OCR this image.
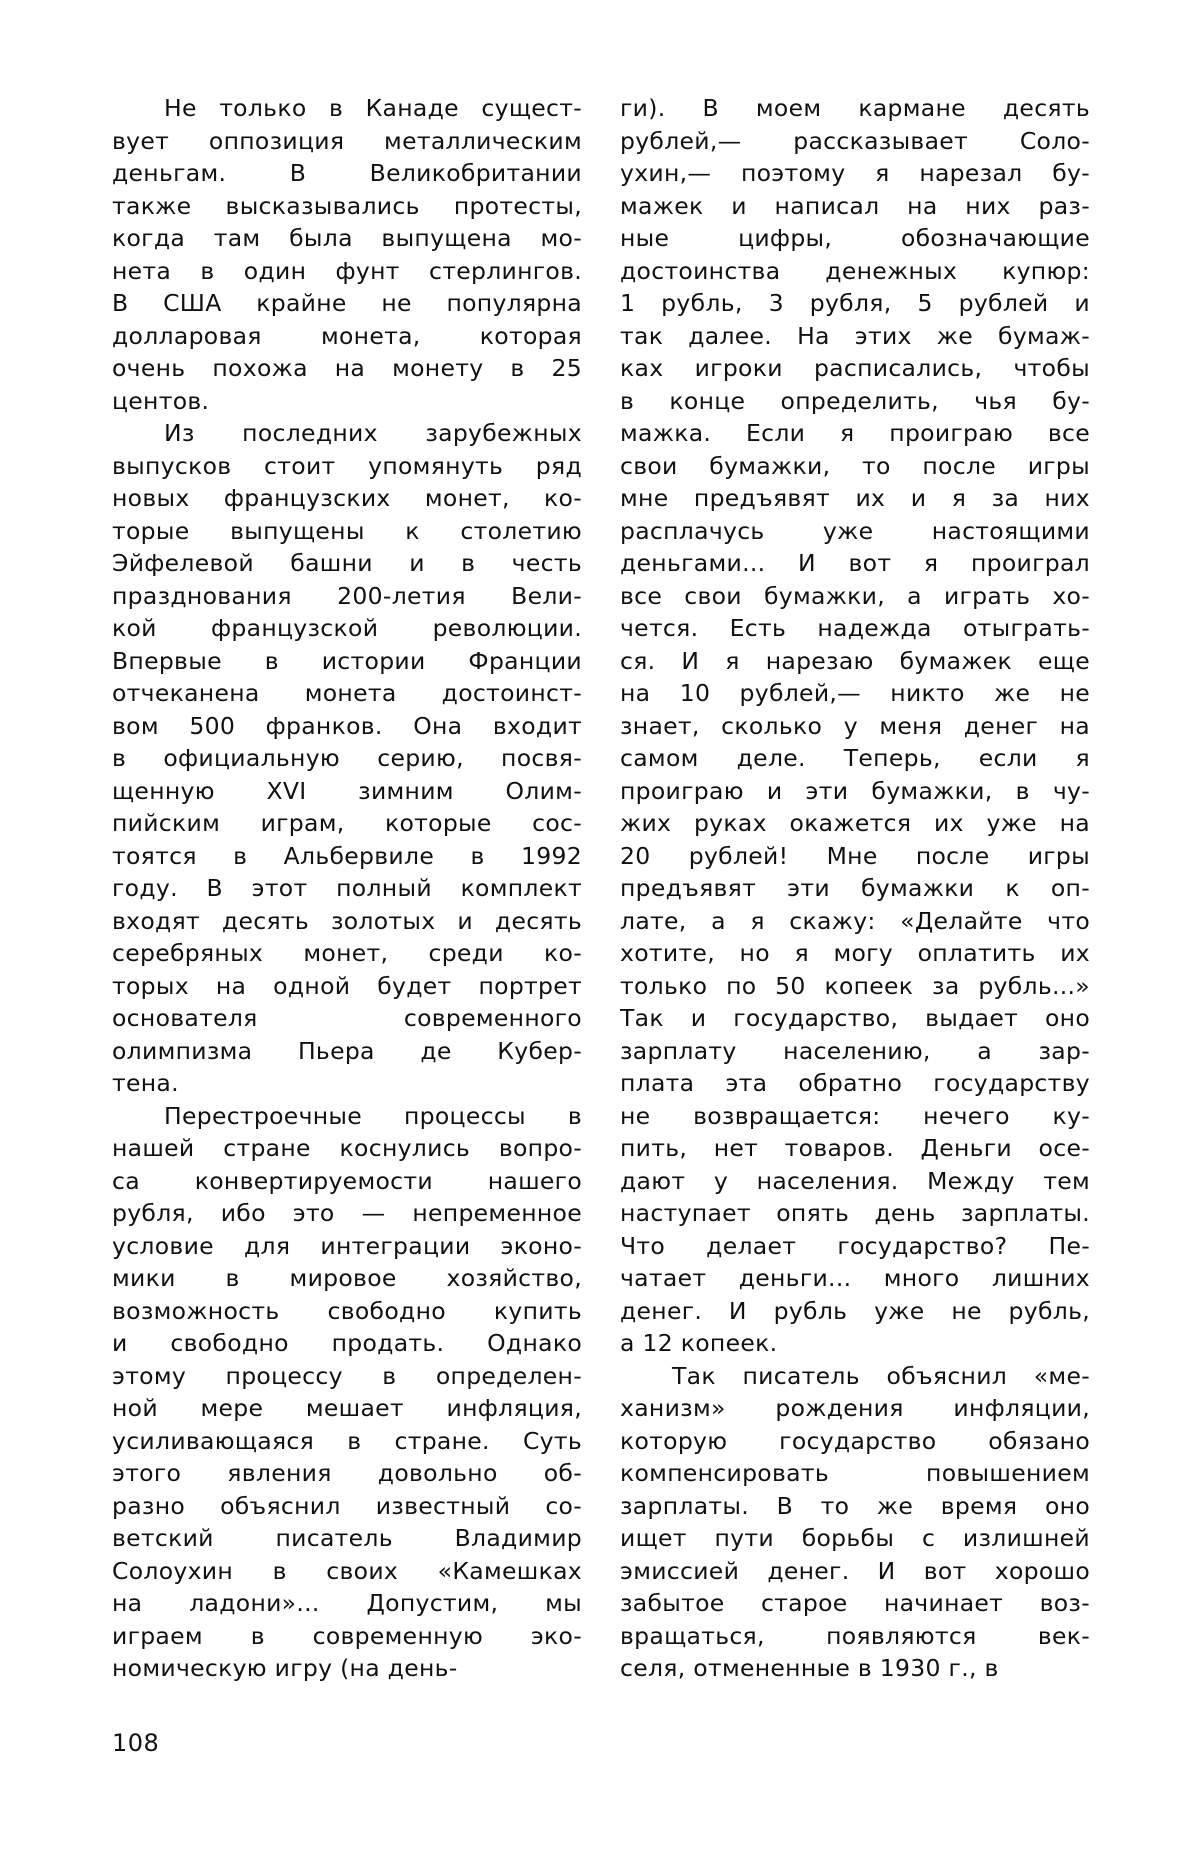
Не только в Канаде сущест-
вует оппозиция металлическим
деньгам. В Великобритании
также высказывались протесты,
когда там была выпущена мо-
нета в один фунт стерлингов.
В США крайне не популярна
долларовая монета, которая
очень похожа на монету в 25
центов.
Из последних зарубежных
выпусков стоит упомянуть ряд
новых французских монет, ко-
торые выпущены к столетию
Эйфелевой башни и в честь
празднования 200-летия Вели-
кой французской революции.
Впервые в истории Франции
отчеканена монета достоинст-
вом 500 франков. Она входит
в официальную серию, посвя-
щенную XVI зимним Олим-
пийским играм, которые сос-
тоятся в Альбервиле в 1992
году. В этот полный комплект
входят десять золотых и десять
серебряных монет, среди ко-
торых на одной будет портрет
основателя современного
олимпизма Пьера де Кубер-
тена.
Перестроечные процессы в
нашей стране коснулись вопро-
са конвертируемости нашего
рубля, ибо это — непременное
условие для интеграции эконо-
мики в мировое хозяйство,
возможность свободно купить
и свободно продать. Однако
этому процессу в определен-
ной мере мешает инфляция,
усиливающаяся в стране. Суть
этого явления довольно об-
разно объяснил известный со-
ветский писатель Владимир
Солоухин в своих «Камешках
на ладони»... Допустим, мы
играем в современную эко-
номическую игру (на день-
ги). В моем кармане десять
рублей,— рассказывает Соло-
ухин,— поэтому я нарезал бу-
мажек и написал на них раз-
ные цифры, обозначающие
достоинства денежных купюр:
1 рубль, 3 рубля, 5 рублей и
так далее. На этих же бумаж-
ках игроки расписались, чтобы
в конце определить, чья бу-
мажка. Если я проиграю все
свои бумажки, то после игры
мне предъявят их и я за них
расплачусь уже настоящими
деньгами... И вот я проиграл
все свои бумажки, а играть хо-
чется. Есть надежда отыграть-
ся. И я нарезаю бумажек еще
на 10 рублей,— никто же не
знает, сколько у меня денег на
самом деле. Теперь, если я
проиграю и эти бумажки, в чу-
жих руках окажется их уже на
20 рублей! Мне после игры
предъявят эти бумажки к оп-
лате, а я скажу: «Делайте что
хотите, но я могу оплатить их
только по 50 копеек за рубль...»
Так и государство, выдает оно
зарплату населению, а зар-
плата эта обратно государству
не возвращается: нечего ку-
пить, нет товаров. Деньги осе-
дают у населения. Между тем
наступает опять день зарплаты.
Что делает государство? Пе-
чатает деньги... много лишних
денег. И рубль уже не рубль,
а 12 копеек.
Так писатель объяснил «ме-
ханизм» рождения инфляции,
которую государство обязано
компенсировать повышением
зарплаты. В то же время оно
ищет пути борьбы с излишней
эмиссией денег. И вот хорошо
забытое старое начинает воз-
вращаться, появляются век-
селя, отмененные в 1930 г., в
108
